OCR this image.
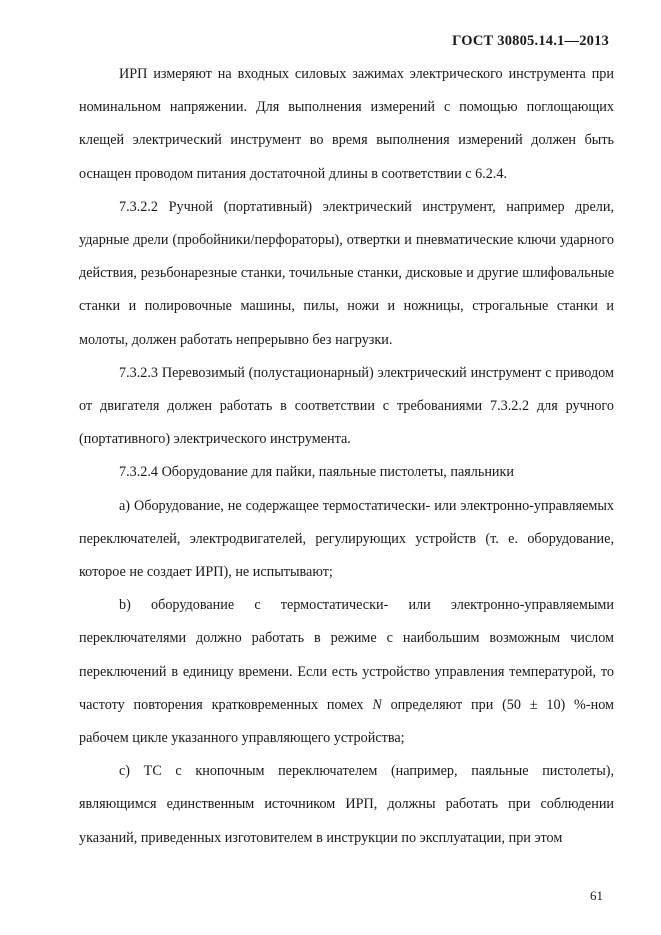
ГОСТ 30805.14.1—2013

ИРП измеряют на входных силовых зажимах электрического инструмента при номинальном напряжении. Для выполнения измерений с помощью поглощающих клещей электрический инструмент во время выполнения измерений должен быть оснащен проводом питания достаточной длины в соответствии с 6.2.4.

7.3.2.2 Ручной (портативный) электрический инструмент, например дрели, ударные дрели (пробойники/перфораторы), отвертки и пневматические ключи ударного действия, резьбонарезные станки, точильные станки, дисковые и другие шлифовальные станки и полировочные машины, пилы, ножи и ножницы, строгальные станки и молоты, должен работать непрерывно без нагрузки.

7.3.2.3 Перевозимый (полустационарный) электрический инструмент с приводом от двигателя должен работать в соответствии с требованиями 7.3.2.2 для ручного (портативного) электрического инструмента.

7.3.2.4 Оборудование для пайки, паяльные пистолеты, паяльники

а) Оборудование, не содержащее термостатически- или электронно-управляемых переключателей, электродвигателей, регулирующих устройств (т. е. оборудование, которое не создает ИРП), не испытывают;

b) оборудование с термостатически- или электронно-управляемыми переключателями должно работать в режиме с наибольшим возможным числом переключений в единицу времени. Если есть устройство управления температурой, то частоту повторения кратковременных помех N определяют при (50 ± 10) %-ном рабочем цикле указанного управляющего устройства;

c) ТС с кнопочным переключателем (например, паяльные пистолеты), являющимся единственным источником ИРП, должны работать при соблюдении указаний, приведенных изготовителем в инструкции по эксплуатации, при этом

61
